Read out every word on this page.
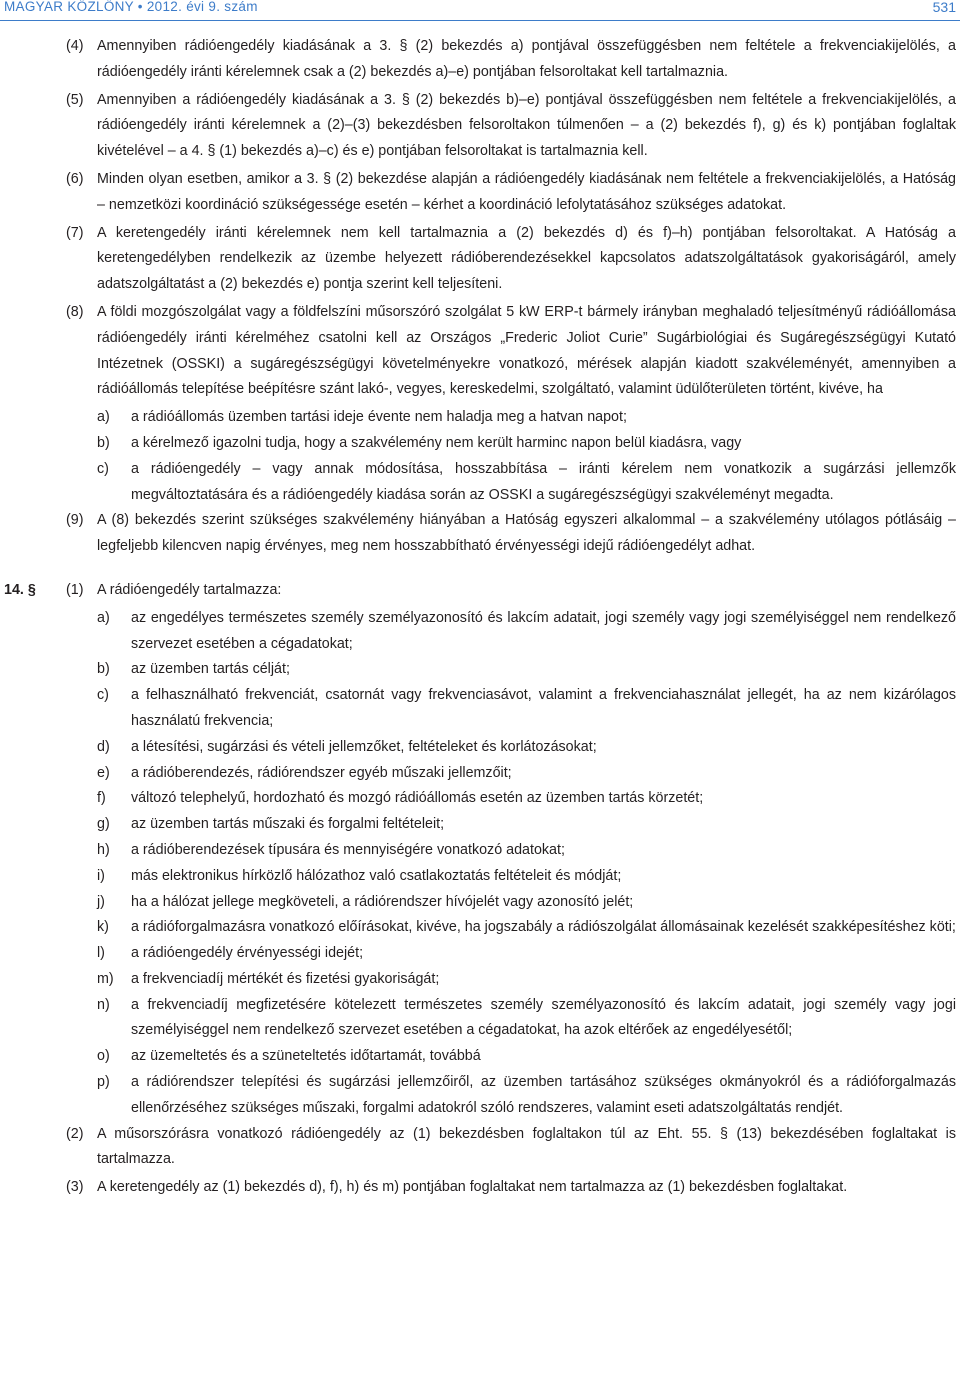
MAGYAR KÖZLÖNY • 2012. évi 9. szám	531
(4) Amennyiben rádióengedély kiadásának a 3. § (2) bekezdés a) pontjával összefüggésben nem feltétele a frekvenciakijelölés, a rádióengedély iránti kérelemnek csak a (2) bekezdés a)–e) pontjában felsoroltakat kell tartalmaznia.
(5) Amennyiben a rádióengedély kiadásának a 3. § (2) bekezdés b)–e) pontjával összefüggésben nem feltétele a frekvenciakijelölés, a rádióengedély iránti kérelemnek a (2)–(3) bekezdésben felsoroltakon túlmenően – a (2) bekezdés f), g) és k) pontjában foglaltak kivételével – a 4. § (1) bekezdés a)–c) és e) pontjában felsoroltakat is tartalmaznia kell.
(6) Minden olyan esetben, amikor a 3. § (2) bekezdése alapján a rádióengedély kiadásának nem feltétele a frekvenciakijelölés, a Hatóság – nemzetközi koordináció szükségessége esetén – kérhet a koordináció lefolytatásához szükséges adatokat.
(7) A keretengedély iránti kérelemnek nem kell tartalmaznia a (2) bekezdés d) és f)–h) pontjában felsoroltakat. A Hatóság a keretengedélyben rendelkezik az üzembe helyezett rádióberendezésekkel kapcsolatos adatszolgáltatások gyakoriságáról, amely adatszolgáltatást a (2) bekezdés e) pontja szerint kell teljesíteni.
(8) A földi mozgószolgálat vagy a földfelszíni műsorszóró szolgálat 5 kW ERP-t bármely irányban meghaladó teljesítményű rádióállomása rádióengedély iránti kérelméhez csatolni kell az Országos „Frederic Joliot Curie” Sugárbiológiai és Sugáregészségügyi Kutató Intézetnek (OSSKI) a sugáregészségügyi követelményekre vonatkozó, mérések alapján kiadott szakvéleményét, amennyiben a rádióállomás telepítése beépítésre szánt lakó-, vegyes, kereskedelmi, szolgáltató, valamint üdülőterületen történt, kivéve, ha
a) a rádióállomás üzemben tartási ideje évente nem haladja meg a hatvan napot;
b) a kérelmező igazolni tudja, hogy a szakvélemény nem került harminc napon belül kiadásra, vagy
c) a rádióengedély – vagy annak módosítása, hosszabbítása – iránti kérelem nem vonatkozik a sugárzási jellemzők megváltoztatására és a rádióengedély kiadása során az OSSKI a sugáregészségügyi szakvéleményt megadta.
(9) A (8) bekezdés szerint szükséges szakvélemény hiányában a Hatóság egyszeri alkalommal – a szakvélemény utólagos pótlásáig – legfeljebb kilencven napig érvényes, meg nem hosszabbítható érvényességi idejű rádióengedélyt adhat.
14. § (1) A rádióengedély tartalmazza:
a) az engedélyes természetes személy személyazonosító és lakcím adatait, jogi személy vagy jogi személyiséggel nem rendelkező szervezet esetében a cégadatokat;
b) az üzemben tartás célját;
c) a felhasználható frekvenciát, csatornát vagy frekvenciasávot, valamint a frekvenciahasználat jellegét, ha az nem kizárólagos használatú frekvencia;
d) a létesítési, sugárzási és vételi jellemzőket, feltételeket és korlátozásokat;
e) a rádióberendezés, rádiórendszer egyéb műszaki jellemzőit;
f) változó telephelyű, hordozható és mozgó rádióállomás esetén az üzemben tartás körzetét;
g) az üzemben tartás műszaki és forgalmi feltételeit;
h) a rádióberendezések típusára és mennyiségére vonatkozó adatokat;
i) más elektronikus hírközlő hálózathoz való csatlakoztatás feltételeit és módját;
j) ha a hálózat jellege megköveteli, a rádiórendszer hívójelét vagy azonosító jelét;
k) a rádióforgalmazásra vonatkozó előírásokat, kivéve, ha jogszabály a rádiószolgálat állomásainak kezelését szakképesítéshez köti;
l) a rádióengedély érvényességi idejét;
m) a frekvenciadíj mértékét és fizetési gyakoriságát;
n) a frekvenciadíj megfizetésére kötelezett természetes személy személyazonosító és lakcím adatait, jogi személy vagy jogi személyiséggel nem rendelkező szervezet esetében a cégadatokat, ha azok eltérőek az engedélyesétől;
o) az üzemeltetés és a szüneteltetés időtartamát, továbbá
p) a rádiórendszer telepítési és sugárzási jellemzőiről, az üzemben tartásához szükséges okmányokról és a rádióforgalmazás ellenőrzéséhez szükséges műszaki, forgalmi adatokról szóló rendszeres, valamint eseti adatszolgáltatás rendjét.
(2) A műsorszórásra vonatkozó rádióengedély az (1) bekezdésben foglaltakon túl az Eht. 55. § (13) bekezdésében foglaltakat is tartalmazza.
(3) A keretengedély az (1) bekezdés d), f), h) és m) pontjában foglaltakat nem tartalmazza az (1) bekezdésben foglaltakat.
